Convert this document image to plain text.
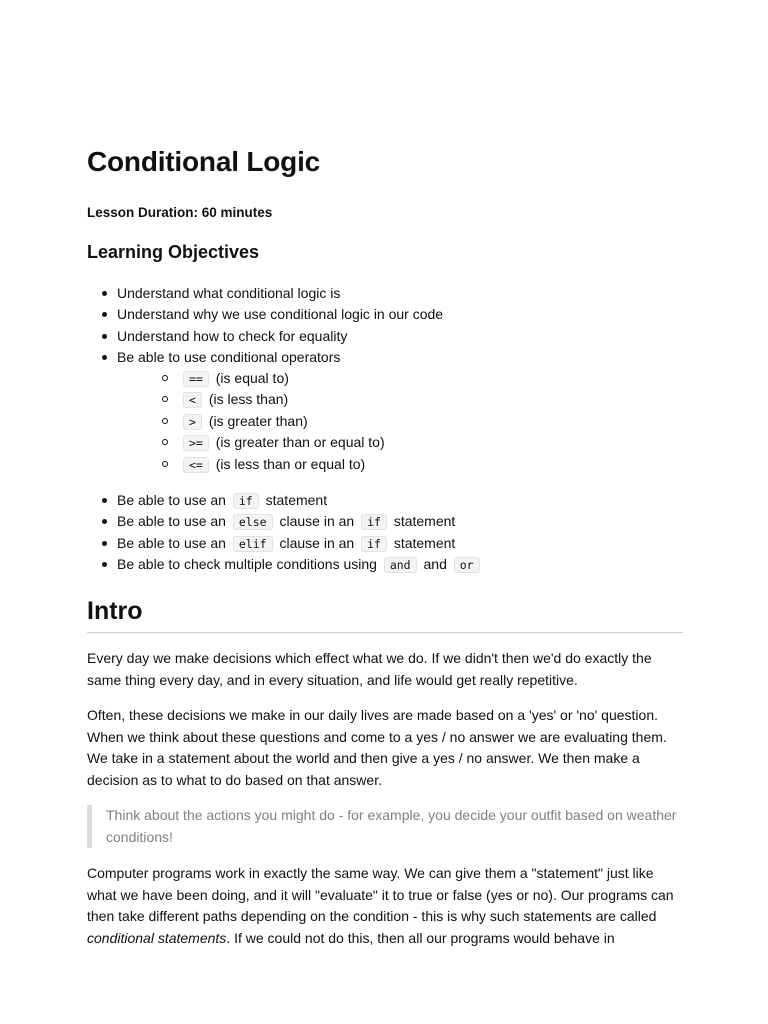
Conditional Logic

Lesson Duration: 60 minutes

Learning Objectives
Understand what conditional logic is
Understand why we use conditional logic in our code
Understand how to check for equality
Be able to use conditional operators
== (is equal to)
< (is less than)
> (is greater than)
>= (is greater than or equal to)
<= (is less than or equal to)
Be able to use an if statement
Be able to use an else clause in an if statement
Be able to use an elif clause in an if statement
Be able to check multiple conditions using and and or
Intro

Every day we make decisions which effect what we do. If we didn't then we'd do exactly the same thing every day, and in every situation, and life would get really repetitive.

Often, these decisions we make in our daily lives are made based on a 'yes' or 'no' question. When we think about these questions and come to a yes / no answer we are evaluating them. We take in a statement about the world and then give a yes / no answer. We then make a decision as to what to do based on that answer.

Think about the actions you might do - for example, you decide your outfit based on weather conditions!

Computer programs work in exactly the same way. We can give them a "statement" just like what we have been doing, and it will "evaluate" it to true or false (yes or no). Our programs can then take different paths depending on the condition - this is why such statements are called conditional statements. If we could not do this, then all our programs would behave in
